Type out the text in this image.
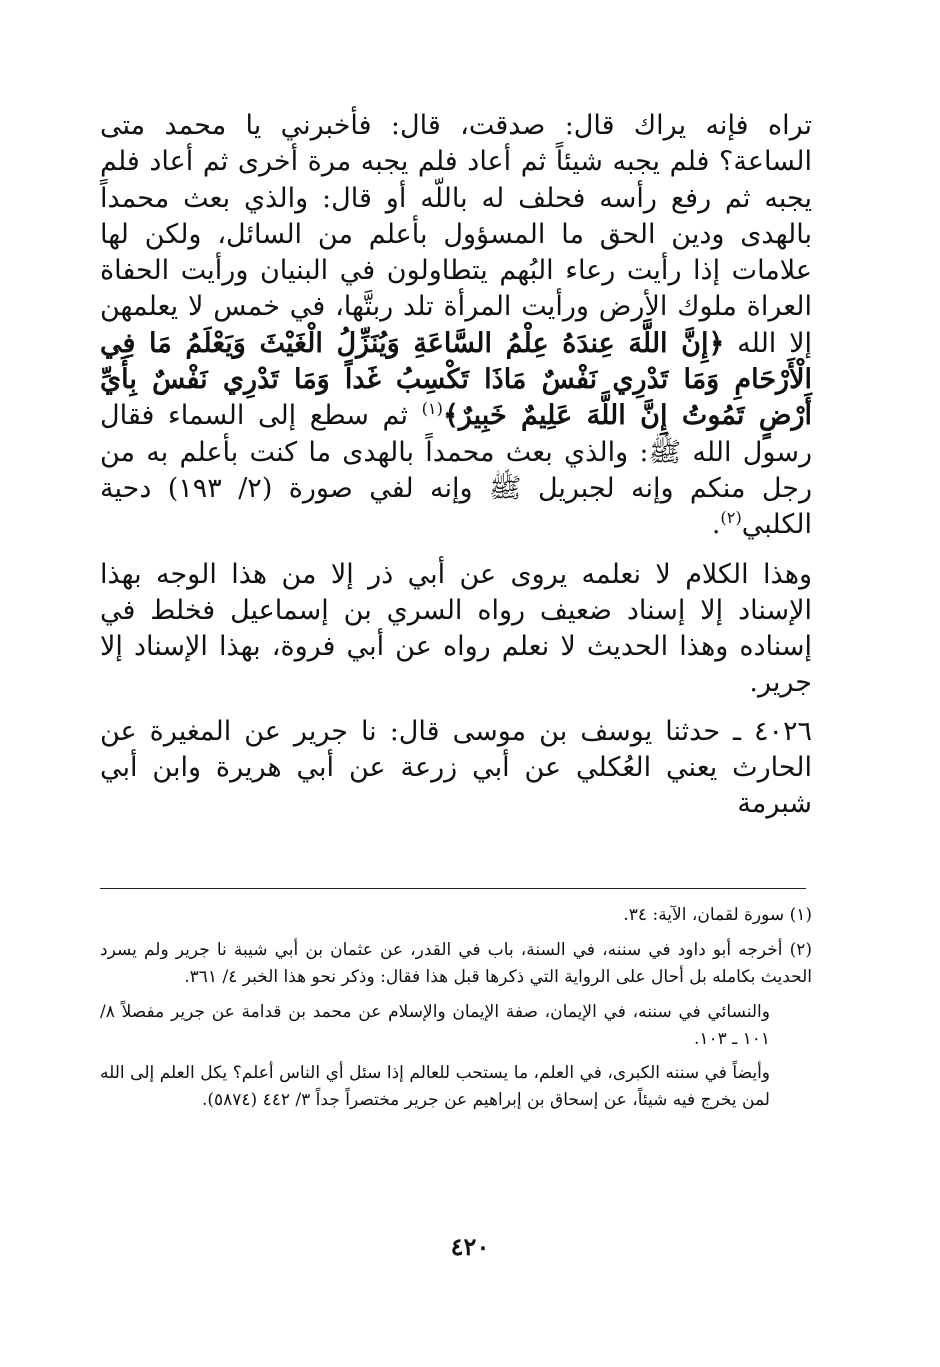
تراه فإنه يراك قال: صدقت، قال: فأخبرني يا محمد متى الساعة؟ فلم يجبه شيئاً ثم أعاد فلم يجبه مرة أخرى ثم أعاد فلم يجبه ثم رفع رأسه فحلف له باللّه أو قال: والذي بعث محمداً بالهدى ودين الحق ما المسؤول بأعلم من السائل، ولكن لها علامات إذا رأيت رعاء البُهم يتطاولون في البنيان ورأيت الحفاة العراة ملوك الأرض ورأيت المرأة تلد ربتَّها، في خمس لا يعلمهن إلا الله ﴿إِنَّ اللَّهَ عِندَهُ عِلْمُ السَّاعَةِ وَيُنَزِّلُ الْغَيْثَ وَيَعْلَمُ مَا فِي الْأَرْحَامِ وَمَا تَدْرِي نَفْسٌ مَاذَا تَكْسِبُ غَداً وَمَا تَدْرِي نَفْسٌ بِأَيِّ أَرْضٍ تَمُوتُ إِنَّ اللَّهَ عَلِيمٌ خَبِيرٌ﴾$^{(١)}$ ثم سطع إلى السماء فقال رسول الله ﷺ: والذي بعث محمداً بالهدى ما كنت بأعلم به من رجل منكم وإنه لجبريل ﷺ وإنه لفي صورة (٢/ ١٩٣) دحية الكلبي$^{(٢)}$.

وهذا الكلام لا نعلمه يروى عن أبي ذر إلا من هذا الوجه بهذا الإسناد إلا إسناد ضعيف رواه السري بن إسماعيل فخلط في إسناده وهذا الحديث لا نعلم رواه عن أبي فروة، بهذا الإسناد إلا جرير.

٤٠٢٦ ـ حدثنا يوسف بن موسى قال: نا جرير عن المغيرة عن الحارث يعني العُكلي عن أبي زرعة عن أبي هريرة وابن أبي شبرمة

(١) سورة لقمان، الآية: ٣٤.

(٢) أخرجه أبو داود في سننه، في السنة، باب في القدر، عن عثمان بن أبي شيبة نا جرير ولم يسرد الحديث بكامله بل أحال على الرواية التي ذكرها قبل هذا فقال: وذكر نحو هذا الخبر ٤/ ٣٦١.

والنسائي في سننه، في الإيمان، صفة الإيمان والإسلام عن محمد بن قدامة عن جرير مفصلاً ٨/ ١٠١ ـ ١٠٣.

وأيضاً في سننه الكبرى، في العلم، ما يستحب للعالم إذا سئل أي الناس أعلم؟ يكل العلم إلى الله لمن يخرج فيه شيئاً، عن إسحاق بن إبراهيم عن جرير مختصراً جداً ٣/ ٤٤٢ (٥٨٧٤).

٤٢٠
